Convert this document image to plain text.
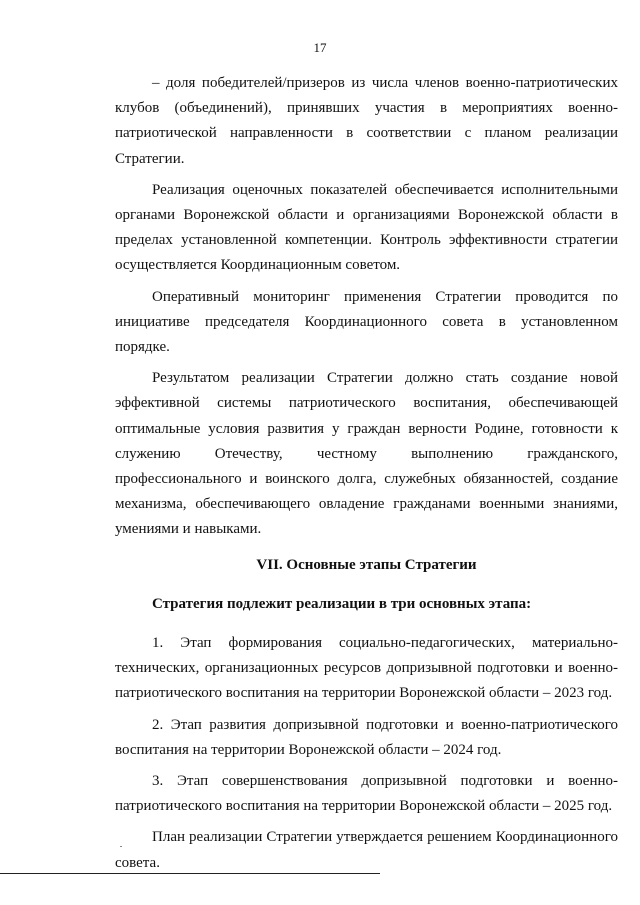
17

– доля победителей/призеров из числа членов военно-патриотических клубов (объединений), принявших участия в мероприятиях военно-патриотической направленности в соответствии с планом реализации Стратегии.

Реализация оценочных показателей обеспечивается исполнительными органами Воронежской области и организациями Воронежской области в пределах установленной компетенции. Контроль эффективности стратегии осуществляется Координационным советом.

Оперативный мониторинг применения Стратегии проводится по инициативе председателя Координационного совета в установленном порядке.

Результатом реализации Стратегии должно стать создание новой эффективной системы патриотического воспитания, обеспечивающей оптимальные условия развития у граждан верности Родине, готовности к служению Отечеству, честному выполнению гражданского, профессионального и воинского долга, служебных обязанностей, создание механизма, обеспечивающего овладение гражданами военными знаниями, умениями и навыками.

VII. Основные этапы Стратегии

Стратегия подлежит реализации в три основных этапа:

1. Этап формирования социально-педагогических, материально-технических, организационных ресурсов допризывной подготовки и военно-патриотического воспитания на территории Воронежской области – 2023 год.

2. Этап развития допризывной подготовки и военно-патриотического воспитания на территории Воронежской области – 2024 год.

3. Этап совершенствования допризывной подготовки и военно-патриотического воспитания на территории Воронежской области – 2025 год.

План реализации Стратегии утверждается решением Координационного совета.
